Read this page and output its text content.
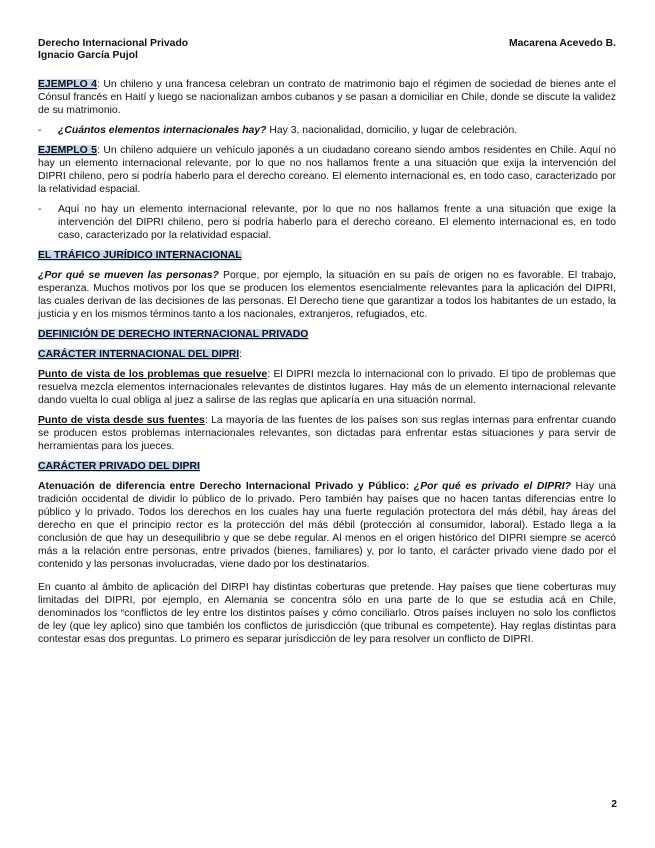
Derecho Internacional Privado
Ignacio García Pujol
Macarena Acevedo B.

EJEMPLO 4: Un chileno y una francesa celebran un contrato de matrimonio bajo el régimen de sociedad de bienes ante el Cónsul francés en Haití y luego se nacionalizan ambos cubanos y se pasan a domiciliar en Chile, donde se discute la validez de su matrimonio.

- ¿Cuántos elementos internacionales hay? Hay 3, nacionalidad, domicilio, y lugar de celebración.

EJEMPLO 5: Un chileno adquiere un vehículo japonés a un ciudadano coreano siendo ambos residentes en Chile. Aquí no hay un elemento internacional relevante, por lo que no nos hallamos frente a una situación que exija la intervención del DIPRI chileno, pero si podría haberlo para el derecho coreano. El elemento internacional es, en todo caso, caracterizado por la relatividad espacial.

- Aquí no hay un elemento internacional relevante, por lo que no nos hallamos frente a una situación que exige la intervención del DIPRI chileno, pero si podría haberlo para el derecho coreano. El elemento internacional es, en todo caso, caracterizado por la relatividad espacial.
EL TRÁFICO JURÍDICO INTERNACIONAL

¿Por qué se mueven las personas? Porque, por ejemplo, la situación en su país de origen no es favorable. El trabajo, esperanza. Muchos motivos por los que se producen los elementos esencialmente relevantes para la aplicación del DIPRI, las cuales derivan de las decisiones de las personas. El Derecho tiene que garantizar a todos los habitantes de un estado, la justicia y en los mismos términos tanto a los nacionales, extranjeros, refugiados, etc.

DEFINICIÓN DE DERECHO INTERNACIONAL PRIVADO
CARÁCTER INTERNACIONAL DEL DIPRI:

Punto de vista de los problemas que resuelve: El DIPRI mezcla lo internacional con lo privado. El tipo de problemas que resuelva mezcla elementos internacionales relevantes de distintos lugares. Hay más de un elemento internacional relevante dando vuelta lo cual obliga al juez a salirse de las reglas que aplicaría en una situación normal.

Punto de vista desde sus fuentes: La mayoría de las fuentes de los países son sus reglas internas para enfrentar cuando se producen estos problemas internacionales relevantes, son dictadas para enfrentar estas situaciones y para servir de herramientas para los jueces.

CARÁCTER PRIVADO DEL DIPRI

Atenuación de diferencia entre Derecho Internacional Privado y Público: ¿Por qué es privado el DIPRI? Hay una tradición occidental de dividir lo público de lo privado. Pero también hay países que no hacen tantas diferencias entre lo público y lo privado. Todos los derechos en los cuales hay una fuerte regulación protectora del más débil, hay áreas del derecho en que el principio rector es la protección del más débil (protección al consumidor, laboral). Estado llega a la conclusión de que hay un desequilibrio y que se debe regular. Al menos en el origen histórico del DIPRI siempre se acercó más a la relación entre personas, entre privados (bienes, familiares) y, por lo tanto, el carácter privado viene dado por el contenido y las personas involucradas, viene dado por los destinatarios.

En cuanto al ámbito de aplicación del DIRPI hay distintas coberturas que pretende. Hay países que tiene coberturas muy limitadas del DIPRI, por ejemplo, en Alemania se concentra sólo en una parte de lo que se estudia acá en Chile, denominados los “conflictos de ley entre los distintos países y cómo conciliarlo. Otros países incluyen no solo los conflictos de ley (que ley aplico) sino que también los conflictos de jurisdicción (que tribunal es competente). Hay reglas distintas para contestar esas dos preguntas. Lo primero es separar jurisdicción de ley para resolver un conflicto de DIPRI.

2
